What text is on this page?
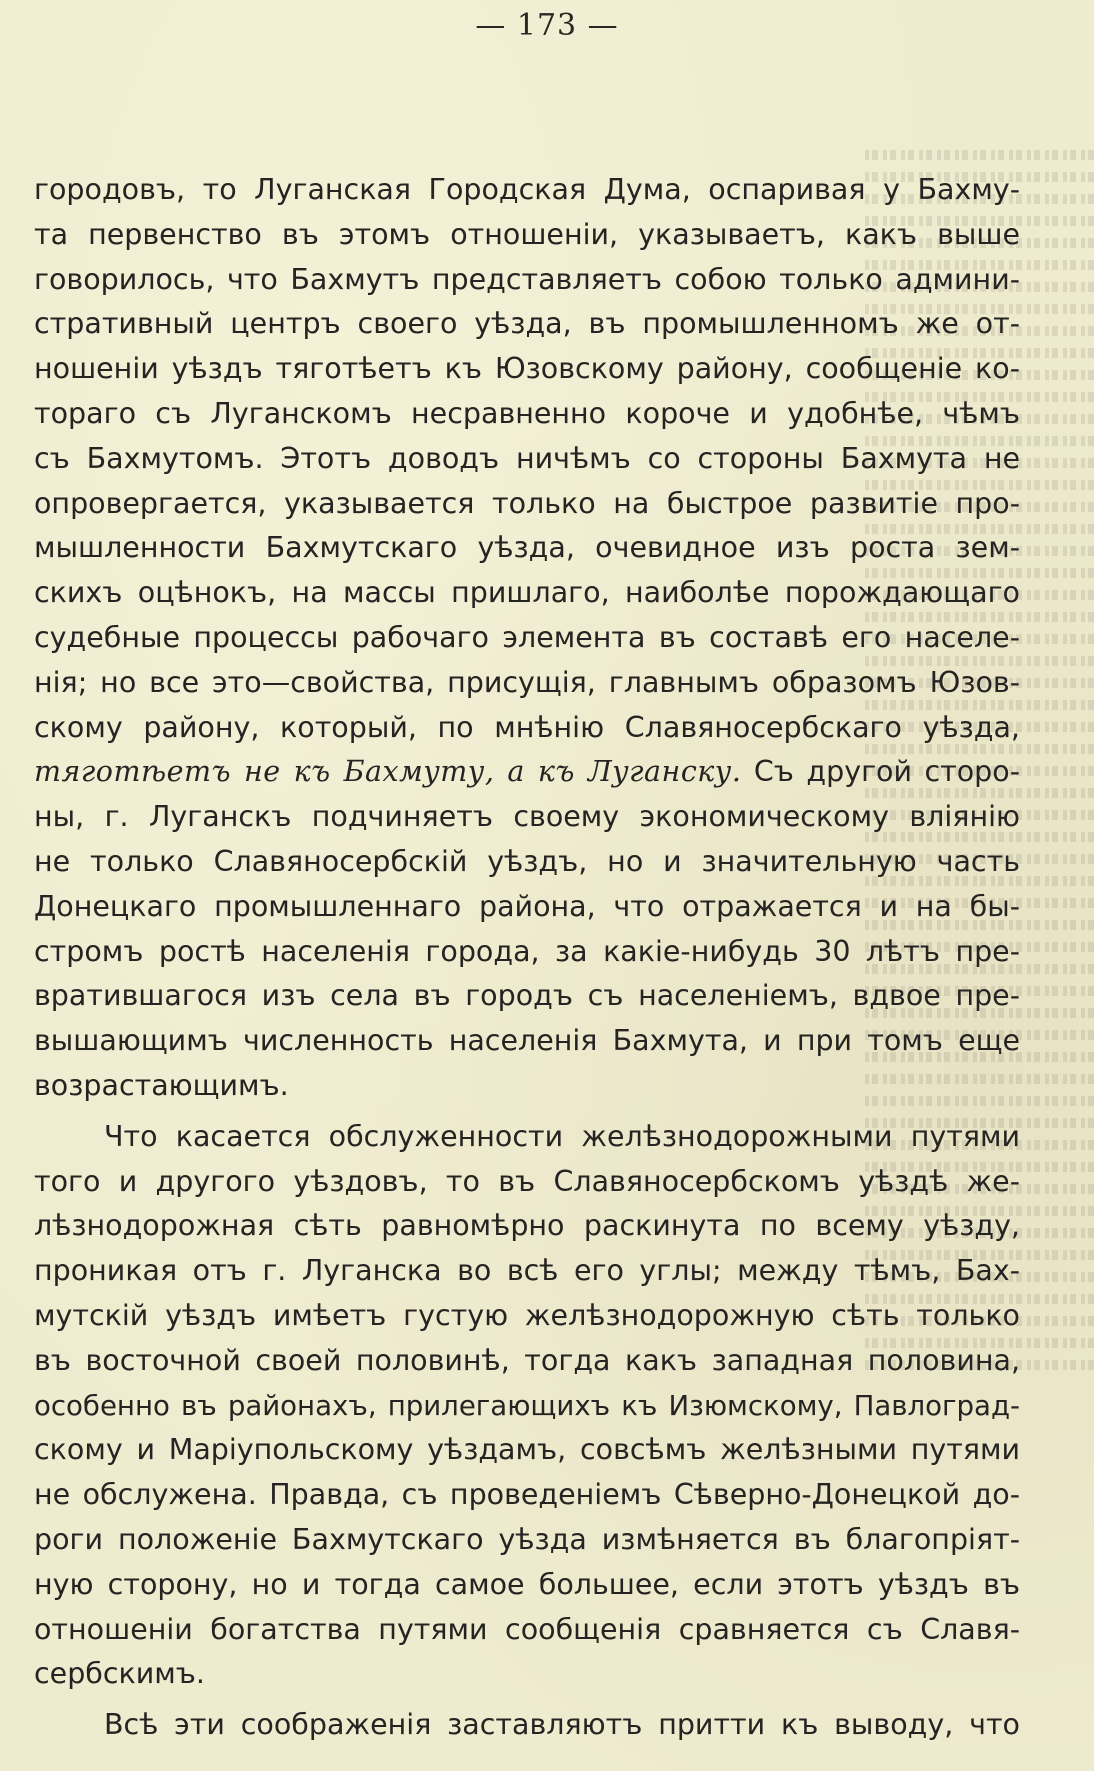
— 173 —
городовъ, то Луганская Городская Дума, оспаривая у Бахму-
та первенство въ этомъ отношенiи, указываетъ, какъ выше
говорилось, что Бахмутъ представляетъ собою только админи-
стративный центръ своего уѣзда, въ промышленномъ же от-
ношенiи уѣздъ тяготѣетъ къ Юзовскому району, сообщенiе ко-
тораго съ Луганскомъ несравненно короче и удобнѣе, чѣмъ
съ Бахмутомъ. Этотъ доводъ ничѣмъ со стороны Бахмута не
опровергается, указывается только на быстрое развитiе про-
мышленности Бахмутскаго уѣзда, очевидное изъ роста зем-
скихъ оцѣнокъ, на массы пришлаго, наиболѣе порождающаго
судебные процессы рабочаго элемента въ составѣ его населе-
нiя; но все это—свойства, присущiя, главнымъ образомъ Юзов-
скому району, который, по мнѣнiю Славяносербскаго уѣзда,
тяготѣетъ не къ Бахмуту, а къ Луганску. Съ другой сторо-
ны, г. Луганскъ подчиняетъ своему экономическому влiянiю
не только Славяносербскiй уѣздъ, но и значительную часть
Донецкаго промышленнаго района, что отражается и на бы-
стромъ ростѣ населенiя города, за какiе-нибудь 30 лѣтъ пре-
вратившагося изъ села въ городъ съ населенiемъ, вдвое пре-
вышающимъ численность населенiя Бахмута, и при томъ еще
возрастающимъ.
Что касается обслуженности желѣзнодорожными путями
того и другого уѣздовъ, то въ Славяносербскомъ уѣздѣ же-
лѣзнодорожная сѣть равномѣрно раскинута по всему уѣзду,
проникая отъ г. Луганска во всѣ его углы; между тѣмъ, Бах-
мутскiй уѣздъ имѣетъ густую желѣзнодорожную сѣть только
въ восточной своей половинѣ, тогда какъ западная половина,
особенно въ районахъ, прилегающихъ къ Изюмскому, Павлоград-
скому и Марiупольскому уѣздамъ, совсѣмъ желѣзными путями
не обслужена. Правда, съ проведенiемъ Сѣверно-Донецкой до-
роги положенiе Бахмутскаго уѣзда измѣняется въ благопрiят-
ную сторону, но и тогда самое большее, если этотъ уѣздъ въ
отношенiи богатства путями сообщенiя сравняется съ Славя-
сербскимъ.
Всѣ эти соображенiя заставляютъ притти къ выводу, что
